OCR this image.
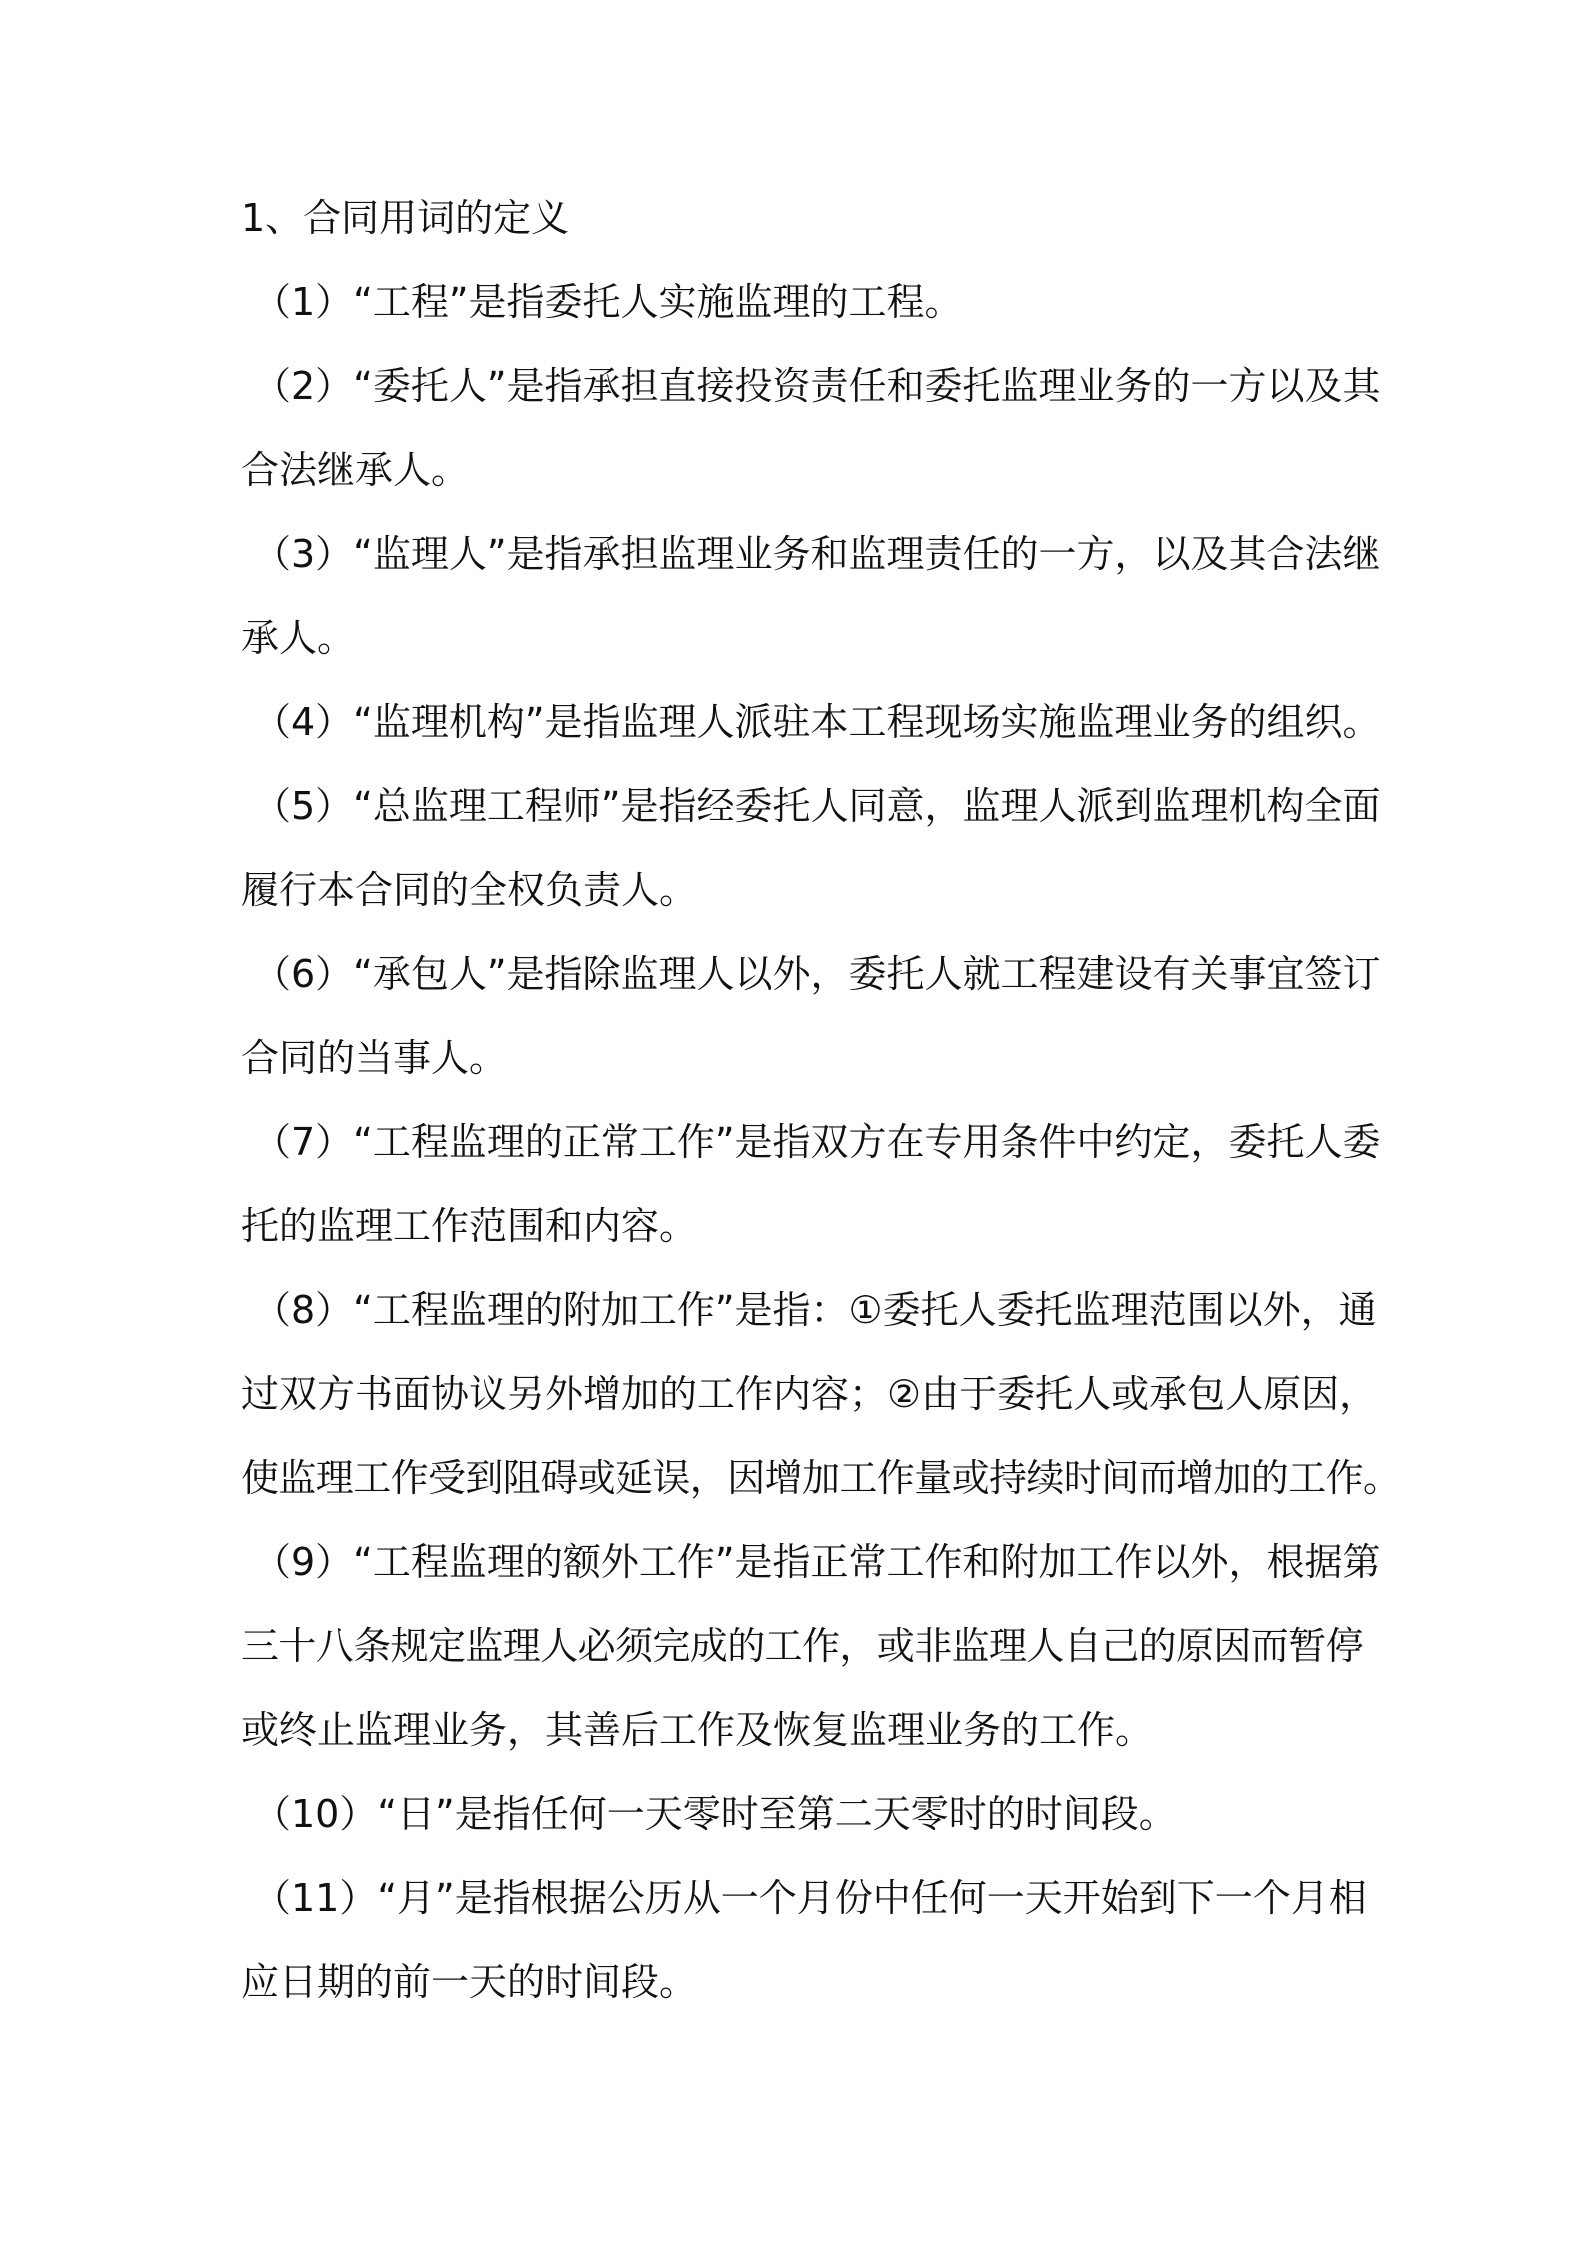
1、合同用词的定义
（1）“工程”是指委托人实施监理的工程。
（2）“委托人”是指承担直接投资责任和委托监理业务的一方以及其
合法继承人。
（3）“监理人”是指承担监理业务和监理责任的一方，以及其合法继
承人。
（4）“监理机构”是指监理人派驻本工程现场实施监理业务的组织。
（5）“总监理工程师”是指经委托人同意，监理人派到监理机构全面
履行本合同的全权负责人。
（6）“承包人”是指除监理人以外，委托人就工程建设有关事宜签订
合同的当事人。
（7）“工程监理的正常工作”是指双方在专用条件中约定，委托人委
托的监理工作范围和内容。
（8）“工程监理的附加工作”是指：①委托人委托监理范围以外，通
过双方书面协议另外增加的工作内容；②由于委托人或承包人原因，
使监理工作受到阻碍或延误，因增加工作量或持续时间而增加的工作。
（9）“工程监理的额外工作”是指正常工作和附加工作以外，根据第
三十八条规定监理人必须完成的工作，或非监理人自己的原因而暂停
或终止监理业务，其善后工作及恢复监理业务的工作。
（10）“日”是指任何一天零时至第二天零时的时间段。
（11）“月”是指根据公历从一个月份中任何一天开始到下一个月相
应日期的前一天的时间段。
